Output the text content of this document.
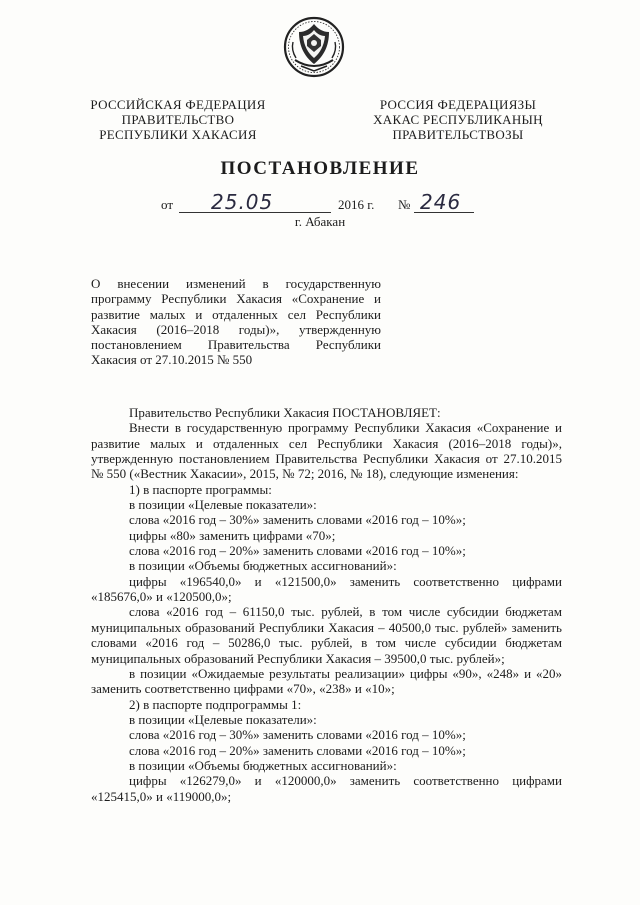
РОССИЙСКАЯ ФЕДЕРАЦИЯ
ПРАВИТЕЛЬСТВО
РЕСПУБЛИКИ ХАКАСИЯ
РОССИЯ ФЕДЕРАЦИЯЗЫ
ХАКАС РЕСПУБЛИКАНЫҢ
ПРАВИТЕЛЬСТВОЗЫ
ПОСТАНОВЛЕНИЕ
от 25.05	2016 г. № 246
г. Абакан

О внесении изменений в государственную

программу Республики Хакасия «Сохранение и

развитие малых и отдаленных сел Республики

Хакасия (2016–2018 годы)», утвержденную

постановлением Правительства Республики

Хакасия от 27.10.2015 № 550

Правительство Республики Хакасия ПОСТАНОВЛЯЕТ:

Внести в государственную программу Республики Хакасия «Сохранение и развитие малых и отдаленных сел Республики Хакасия (2016–2018 годы)», утвержденную постановлением Правительства Республики Хакасия от 27.10.2015 № 550 («Вестник Хакасии», 2015, № 72; 2016, № 18), следующие изменения:

1) в паспорте программы:

в позиции «Целевые показатели»:

слова «2016 год – 30%» заменить словами «2016 год – 10%»;

цифры «80» заменить цифрами «70»;

слова «2016 год – 20%» заменить словами «2016 год – 10%»;

в позиции «Объемы бюджетных ассигнований»:

цифры «196540,0» и «121500,0» заменить соответственно цифрами «185676,0» и «120500,0»;

слова «2016 год – 61150,0 тыс. рублей, в том числе субсидии бюджетам муниципальных образований Республики Хакасия – 40500,0 тыс. рублей» заменить словами «2016 год – 50286,0 тыс. рублей, в том числе субсидии бюджетам муниципальных образований Республики Хакасия – 39500,0 тыс. рублей»;

в позиции «Ожидаемые результаты реализации» цифры «90», «248» и «20» заменить соответственно цифрами «70», «238» и «10»;

2) в паспорте подпрограммы 1:

в позиции «Целевые показатели»:

слова «2016 год – 30%» заменить словами «2016 год – 10%»;

слова «2016 год – 20%» заменить словами «2016 год – 10%»;

в позиции «Объемы бюджетных ассигнований»:

цифры «126279,0» и «120000,0» заменить соответственно цифрами «125415,0» и «119000,0»;
